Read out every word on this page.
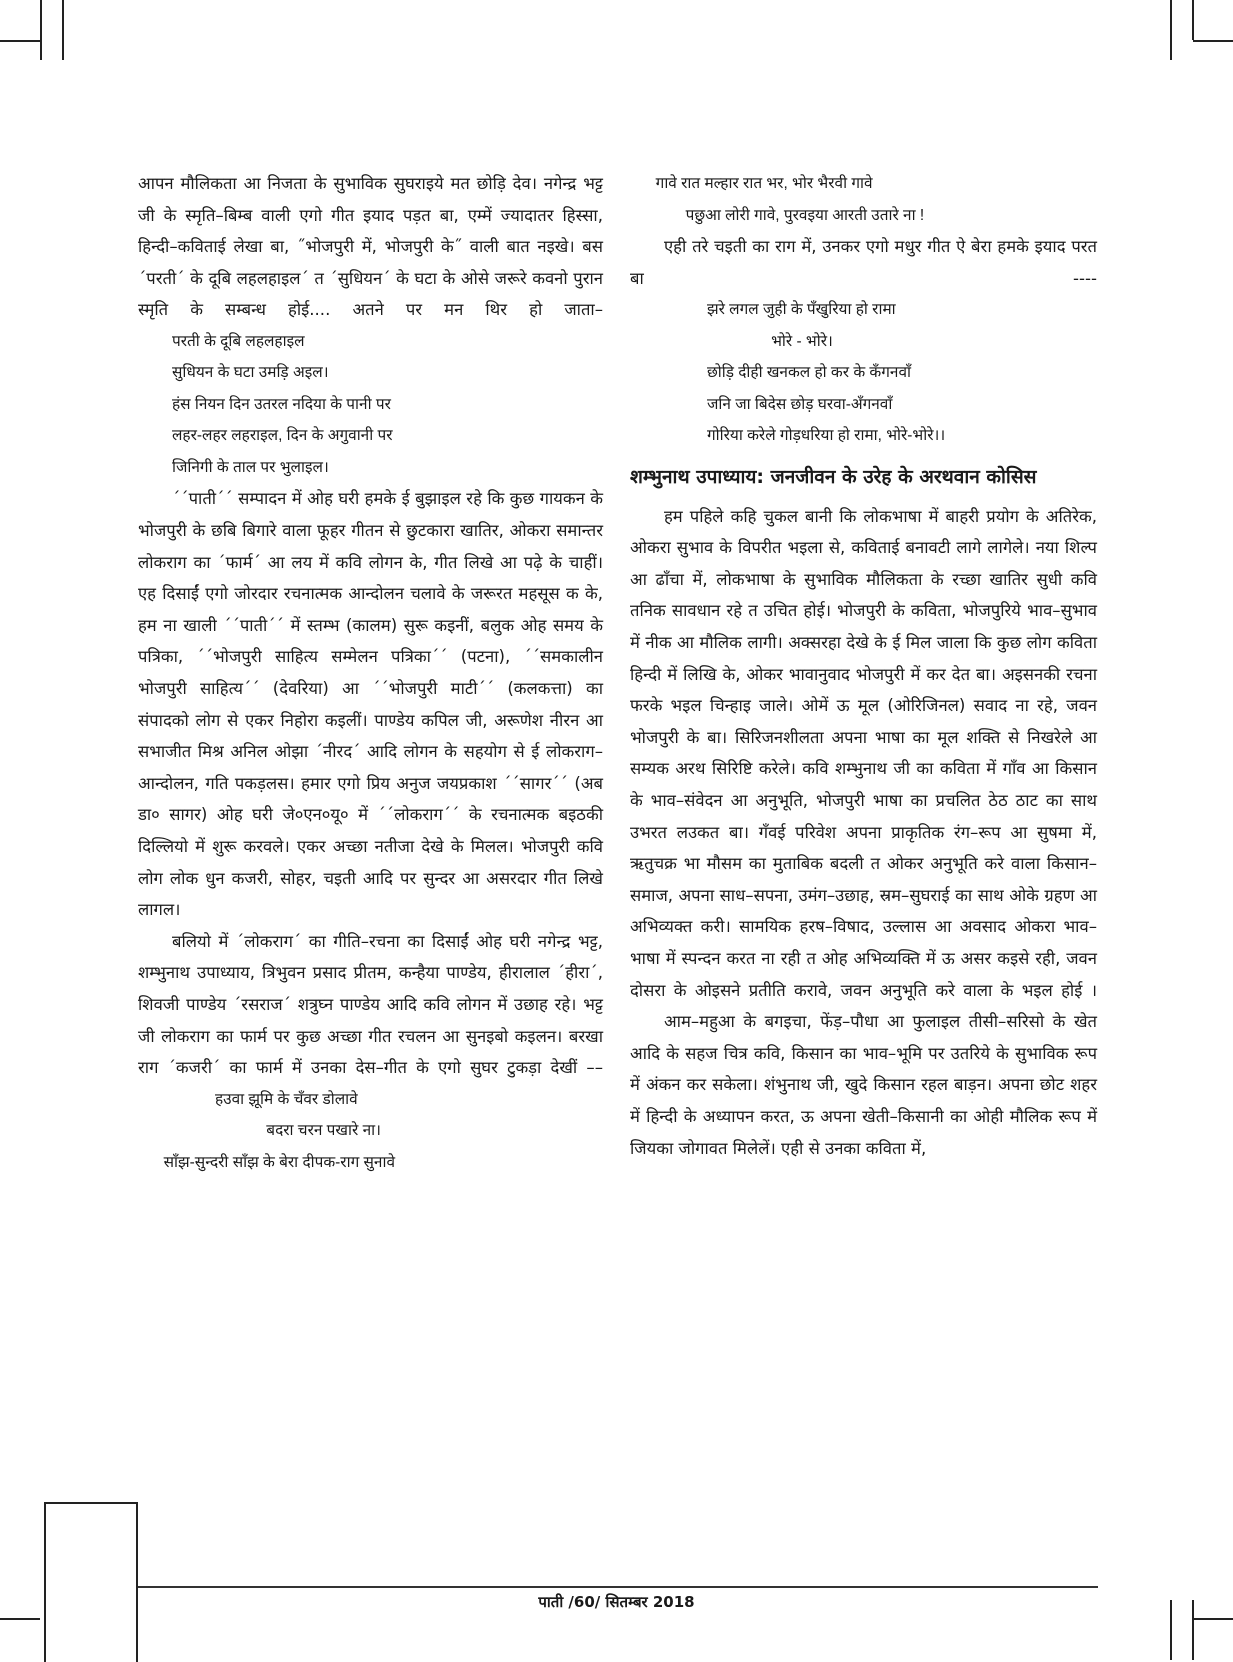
आपन मौलिकता आ निजता के सुभाविक सुघराइये मत छोड़ि देव। नगेन्द्र भट्ट जी के स्मृति–बिम्ब वाली एगो गीत इयाद पड़त बा, एम्में ज्यादातर हिस्सा, हिन्दी–कविताई लेखा बा, ˝भोजपुरी में, भोजपुरी के˝ वाली बात नइखे। बस ´परती´ के दूबि लहलहाइल´ त ´सुधियन´ के घटा के ओसे जरूरे कवनो पुरान स्मृति के सम्बन्ध होई.... अतने पर मन थिर हो जाता–

परती के दूबि लहलहाइल

सुधियन के घटा उमड़ि अइल।

हंस नियन दिन उतरल नदिया के पानी पर

लहर-लहर लहराइल, दिन के अगुवानी पर

जिनिगी के ताल पर भुलाइल।

´´पाती´´ सम्पादन में ओह घरी हमके ई बुझाइल रहे कि कुछ गायकन के भोजपुरी के छबि बिगारे वाला फूहर गीतन से छुटकारा खातिर, ओकरा समान्तर लोकराग का ´फार्म´ आ लय में कवि लोगन के, गीत लिखे आ पढ़े के चाहीं। एह दिसाईं एगो जोरदार रचनात्मक आन्दोलन चलावे के जरूरत महसूस क के, हम ना खाली ´´पाती´´ में स्तम्भ (कालम) सुरू कइनीं, बलुक ओह समय के पत्रिका, ´´भोजपुरी साहित्य सम्मेलन पत्रिका´´ (पटना), ´´समकालीन भोजपुरी साहित्य´´ (देवरिया) आ ´´भोजपुरी माटी´´ (कलकत्ता) का संपादको लोग से एकर निहोरा कइलीं। पाण्डेय कपिल जी, अरूणेश नीरन आ सभाजीत मिश्र अनिल ओझा ´नीरद´ आदि लोगन के सहयोग से ई लोकराग–आन्दोलन, गति पकड़लस। हमार एगो प्रिय अनुज जयप्रकाश ´´सागर´´ (अब डा० सागर) ओह घरी जे०एन०यू० में ´´लोकराग´´ के रचनात्मक बइठकी दिल्लियो में शुरू करवले। एकर अच्छा नतीजा देखे के मिलल। भोजपुरी कवि लोग लोक धुन कजरी, सोहर, चइती आदि पर सुन्दर आ असरदार गीत लिखे लागल।

बलियो में ´लोकराग´ का गीति–रचना का दिसाईं ओह घरी नगेन्द्र भट्ट, शम्भुनाथ उपाध्याय, त्रिभुवन प्रसाद प्रीतम, कन्हैया पाण्डेय, हीरालाल ´हीरा´, शिवजी पाण्डेय ´रसराज´ शत्रुघ्न पाण्डेय आदि कवि लोगन में उछाह रहे। भट्ट जी लोकराग का फार्म पर कुछ अच्छा गीत रचलन आ सुनइबो कइलन। बरखा राग ´कजरी´ का फार्म में उनका देस–गीत के एगो सुघर टुकड़ा देखीं ––

हउवा झूमि के चँवर डोलावे

बदरा चरन पखारे ना।

साँझ-सुन्दरी साँझ के बेरा दीपक-राग सुनावे

गावे रात मल्हार रात भर, भोर भैरवी गावे

पछुआ लोरी गावे, पुरवइया आरती उतारे ना !

एही तरे चइती का राग में, उनकर एगो मधुर गीत ऐ बेरा हमके इयाद परत बा ----

झरे लगल जुही के पँखुरिया हो रामा

भोरे - भोरे।

छोड़ि दीही खनकल हो कर के कँगनवाँ

जनि जा बिदेस छोड़ घरवा-अँगनवाँ

गोरिया करेले गोड़धरिया हो रामा, भोरे-भोरे।।

शम्भुनाथ उपाध्याय: जनजीवन के उरेह के अरथवान कोसिस

हम पहिले कहि चुकल बानी कि लोकभाषा में बाहरी प्रयोग के अतिरेक, ओकरा सुभाव के विपरीत भइला से, कविताई बनावटी लागे लागेले। नया शिल्प आ ढाँचा में, लोकभाषा के सुभाविक मौलिकता के रच्छा खातिर सुधी कवि तनिक सावधान रहे त उचित होई। भोजपुरी के कविता, भोजपुरिये भाव–सुभाव में नीक आ मौलिक लागी। अक्सरहा देखे के ई मिल जाला कि कुछ लोग कविता हिन्दी में लिखि के, ओकर भावानुवाद भोजपुरी में कर देत बा। अइसनकी रचना फरके भइल चिन्हाइ जाले। ओमें ऊ मूल (ओरिजिनल) सवाद ना रहे, जवन भोजपुरी के बा। सिरिजनशीलता अपना भाषा का मूल शक्ति से निखरेले आ सम्यक अरथ सिरिष्टि करेले। कवि शम्भुनाथ जी का कविता में गाँव आ किसान के भाव–संवेदन आ अनुभूति, भोजपुरी भाषा का प्रचलित ठेठ ठाट का साथ उभरत लउकत बा। गँवई परिवेश अपना प्राकृतिक रंग–रूप आ सुषमा में, ऋतुचक्र भा मौसम का मुताबिक बदली त ओकर अनुभूति करे वाला किसान–समाज, अपना साध–सपना, उमंग–उछाह, स्रम–सुघराई का साथ ओके ग्रहण आ अभिव्यक्त करी। सामयिक हरष–विषाद, उल्लास आ अवसाद ओकरा भाव–भाषा में स्पन्दन करत ना रही त ओह अभिव्यक्ति में ऊ असर कइसे रही, जवन दोसरा के ओइसने प्रतीति करावे, जवन अनुभूति करे वाला के भइल होई ।

आम–महुआ के बगइचा, फेंड़–पौधा आ फुलाइल तीसी–सरिसो के खेत आदि के सहज चित्र कवि, किसान का भाव–भूमि पर उतरिये के सुभाविक रूप में अंकन कर सकेला। शंभुनाथ जी, खुदे किसान रहल बाड़न। अपना छोट शहर में हिन्दी के अध्यापन करत, ऊ अपना खेती–किसानी का ओही मौलिक रूप में जियका जोगावत मिलेलें। एही से उनका कविता में,

पाती /60/ सितम्बर 2018
